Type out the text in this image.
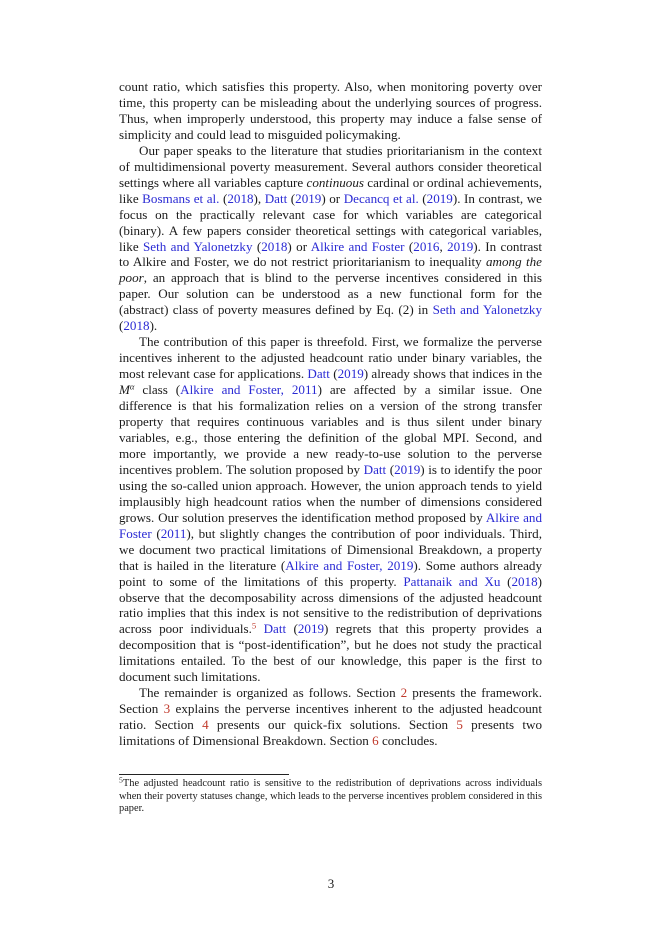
count ratio, which satisfies this property. Also, when monitoring poverty over time, this property can be misleading about the underlying sources of progress. Thus, when improperly understood, this property may induce a false sense of simplicity and could lead to misguided policymaking.

Our paper speaks to the literature that studies prioritarianism in the context of multidimensional poverty measurement. Several authors consider theoretical settings where all variables capture continuous cardinal or ordinal achievements, like Bosmans et al. (2018), Datt (2019) or Decancq et al. (2019). In contrast, we focus on the practically relevant case for which variables are categorical (binary). A few papers consider theoretical settings with categorical variables, like Seth and Yalonetzky (2018) or Alkire and Foster (2016, 2019). In contrast to Alkire and Foster, we do not restrict prioritarianism to inequality among the poor, an approach that is blind to the perverse incentives considered in this paper. Our solution can be understood as a new functional form for the (abstract) class of poverty measures defined by Eq. (2) in Seth and Yalonetzky (2018).

The contribution of this paper is threefold. First, we formalize the perverse incentives inherent to the adjusted headcount ratio under binary variables, the most relevant case for applications. Datt (2019) already shows that indices in the $M^\alpha$ class (Alkire and Foster, 2011) are affected by a similar issue. One difference is that his formalization relies on a version of the strong transfer property that requires continuous variables and is thus silent under binary variables, e.g., those entering the definition of the global MPI. Second, and more importantly, we provide a new ready-to-use solution to the perverse incentives problem. The solution proposed by Datt (2019) is to identify the poor using the so-called union approach. However, the union approach tends to yield implausibly high headcount ratios when the number of dimensions considered grows. Our solution preserves the identification method proposed by Alkire and Foster (2011), but slightly changes the contribution of poor individuals. Third, we document two practical limitations of Dimensional Breakdown, a property that is hailed in the literature (Alkire and Foster, 2019). Some authors already point to some of the limitations of this property. Pattanaik and Xu (2018) observe that the decomposability across dimensions of the adjusted headcount ratio implies that this index is not sensitive to the redistribution of deprivations across poor individuals.$^5$ Datt (2019) regrets that this property provides a decomposition that is “post-identification”, but he does not study the practical limitations entailed. To the best of our knowledge, this paper is the first to document such limitations.

The remainder is organized as follows. Section 2 presents the framework. Section 3 explains the perverse incentives inherent to the adjusted headcount ratio. Section 4 presents our quick-fix solutions. Section 5 presents two limitations of Dimensional Breakdown. Section 6 concludes.

$^5$The adjusted headcount ratio is sensitive to the redistribution of deprivations across individuals when their poverty statuses change, which leads to the perverse incentives problem considered in this paper.
3
